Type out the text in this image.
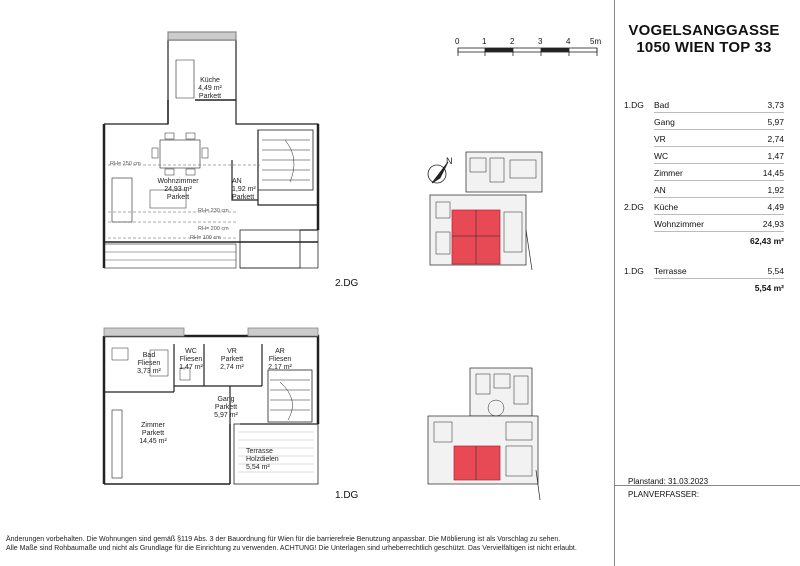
VOGELSANGGASSE
1050 WIEN TOP 33
0	1	2	3	4 5m
1.DG Bad	3,73
Gang	5,97
VR	2,74
WC	1,47
Zimmer	14,45
AN	1,92
2.DG Küche	4,49
Wohnzimmer	24,93
62,43 m²
1.DG Terrasse	5,54
5,54 m²
Planstand: 31.03.2023
PLANVERFASSER:
N
Küche
4,49 m²
Parkett
Wohnzimmer
24,93 m²
Parkett
AN
1,92 m²
Parkett
RH= 250 cm
RH= 230 cm
RH= 200 cm
RH= 100 cm
2.DG
Bad
Fliesen
3,73 m²
WC
Fliesen
1,47 m²
VR
Parkett
2,74 m²
AR
Fliesen
2,17 m²
Gang
Parkett
5,97 m²
Zimmer
Parkett
14,45 m²
Terrasse
Holzdielen
5,54 m²
1.DG
Änderungen vorbehalten. Die Wohnungen sind gemäß §119 Abs. 3 der Bauordnung für Wien für die barrierefreie Benutzung anpassbar. Die Möblierung ist als Vorschlag zu sehen.
Alle Maße sind Rohbaumaße und nicht als Grundlage für die Einrichtung zu verwenden. ACHTUNG! Die Unterlagen sind urheberrechtlich geschützt. Das Vervielfältigen ist nicht erlaubt.
